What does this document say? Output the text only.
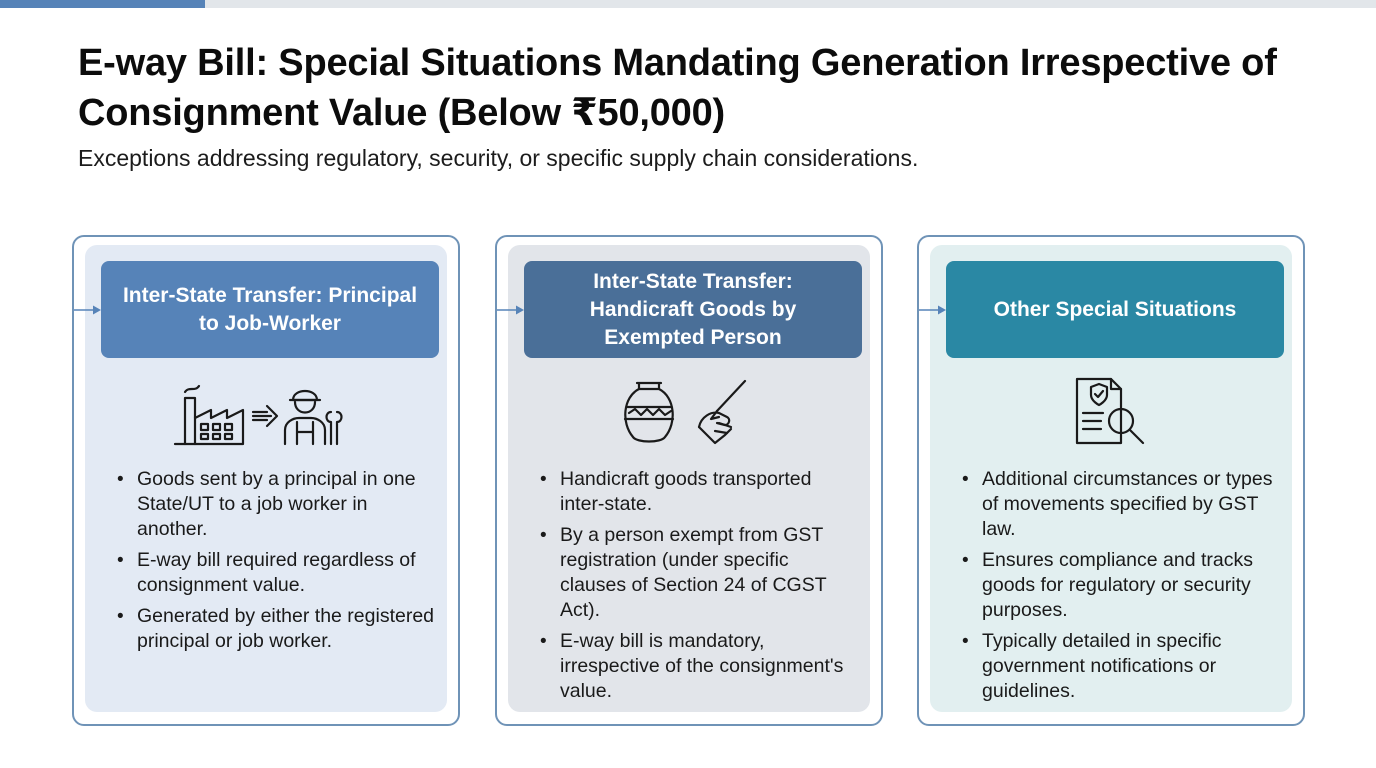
E-way Bill: Special Situations Mandating Generation Irrespective of Consignment Value (Below ₹50,000)

Exceptions addressing regulatory, security, or specific supply chain considerations.

Inter-State Transfer: Principal to Job-Worker
• Goods sent by a principal in one State/UT to a job worker in another.
• E-way bill required regardless of consignment value.
• Generated by either the registered principal or job worker.
Inter-State Transfer: Handicraft Goods by Exempted Person
• Handicraft goods transported inter-state.
• By a person exempt from GST registration (under specific clauses of Section 24 of CGST Act).
• E-way bill is mandatory, irrespective of the consignment's value.
Other Special Situations
• Additional circumstances or types of movements specified by GST law.
• Ensures compliance and tracks goods for regulatory or security purposes.
• Typically detailed in specific government notifications or guidelines.
